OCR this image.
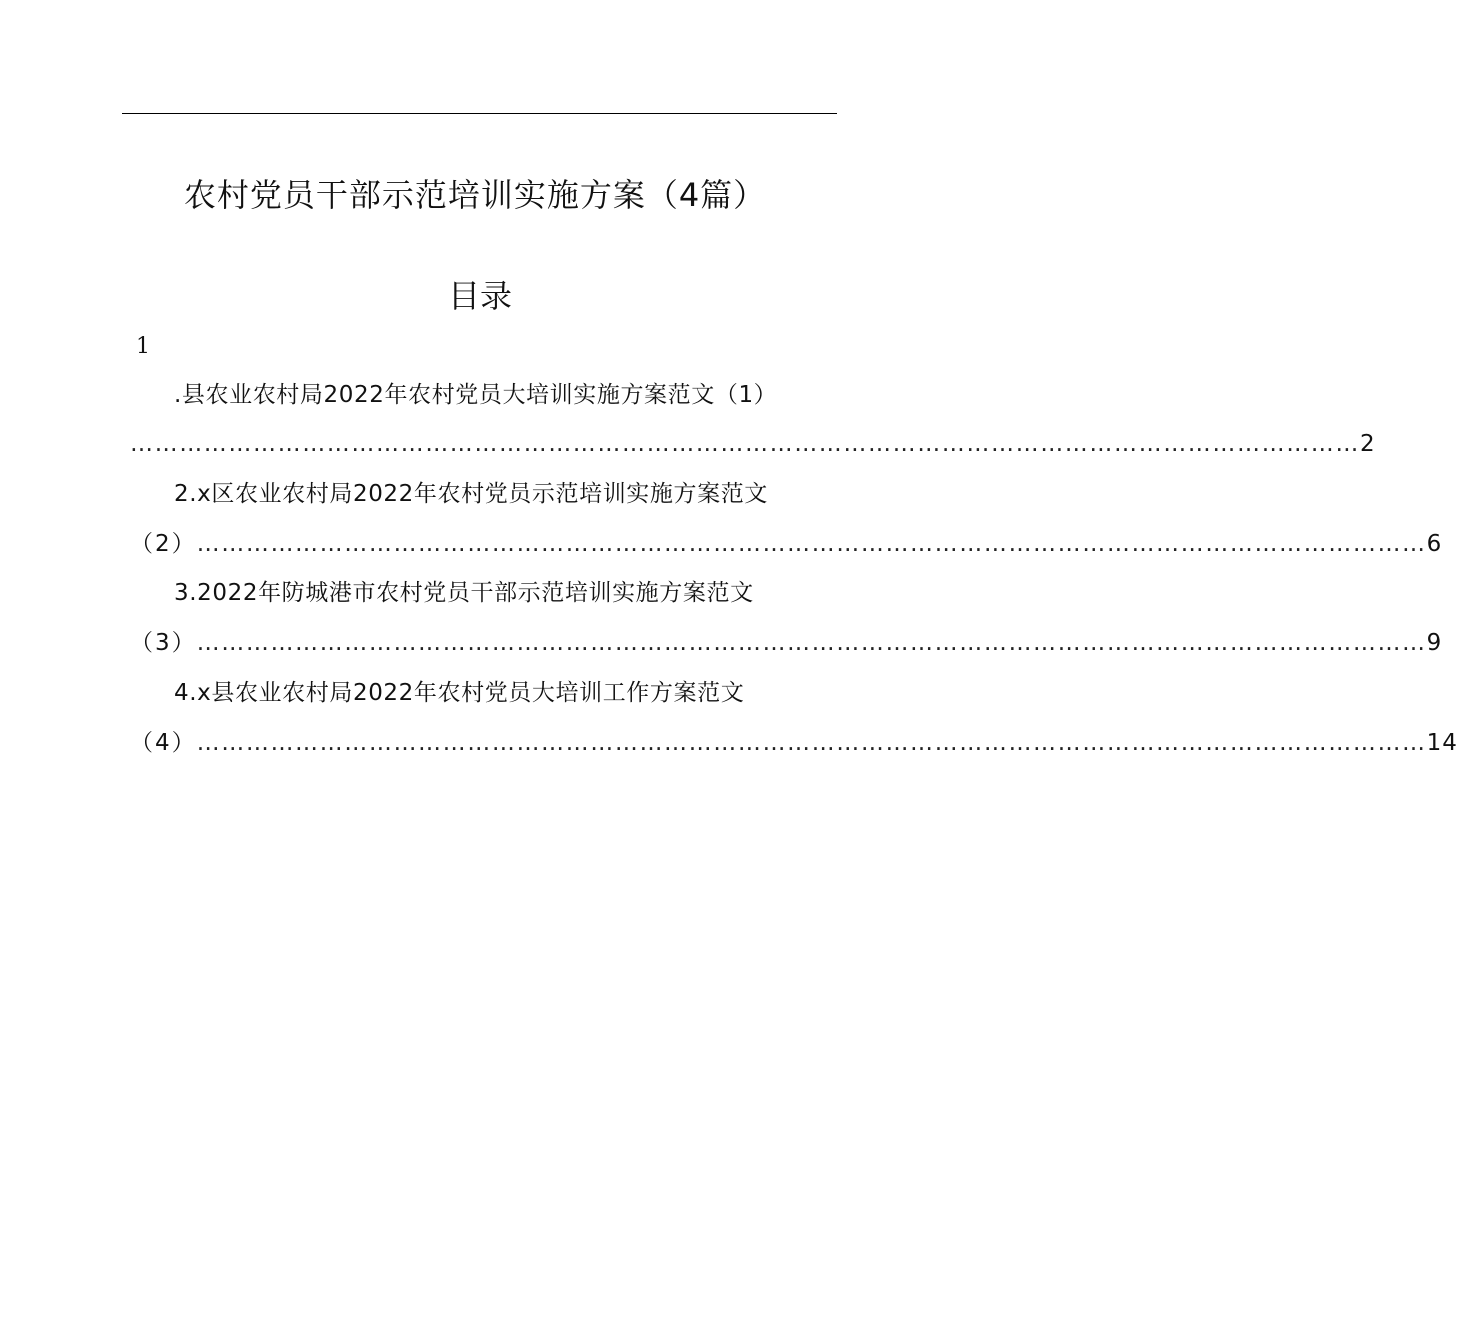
农村党员干部示范培训实施方案（4篇）
目录
1
.县农业农村局2022年农村党员大培训实施方案范文（1）
…………………………………………………………………………………………………………………………………… 2
2.x区农业农村局2022年农村党员示范培训实施方案范文
（2） …………………………………………………………………………………………………………………………………… 6
3.2022年防城港市农村党员干部示范培训实施方案范文
（3） …………………………………………………………………………………………………………………………………… 9
4.x县农业农村局2022年农村党员大培训工作方案范文
（4） …………………………………………………………………………………………………………………………………… 14
